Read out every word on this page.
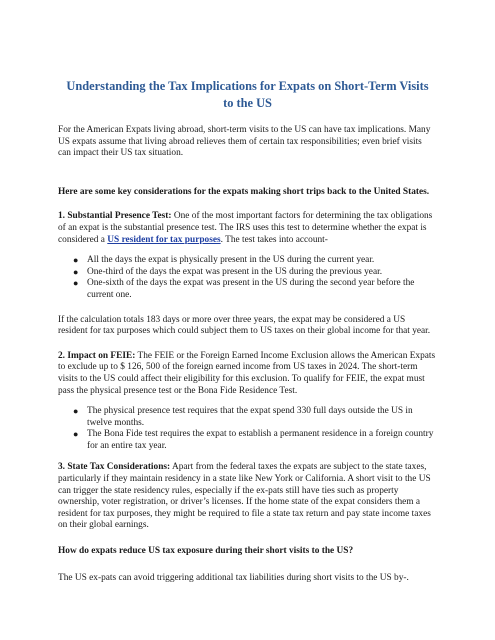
Understanding the Tax Implications for Expats on Short-Term Visits to the US

For the American Expats living abroad, short-term visits to the US can have tax implications. Many US expats assume that living abroad relieves them of certain tax responsibilities; even brief visits can impact their US tax situation.

Here are some key considerations for the expats making short trips back to the United States.

1. Substantial Presence Test: One of the most important factors for determining the tax obligations of an expat is the substantial presence test. The IRS uses this test to determine whether the expat is considered a US resident for tax purposes. The test takes into account-

● All the days the expat is physically present in the US during the current year.
● One-third of the days the expat was present in the US during the previous year.
● One-sixth of the days the expat was present in the US during the second year before the current one.

If the calculation totals 183 days or more over three years, the expat may be considered a US resident for tax purposes which could subject them to US taxes on their global income for that year.

2. Impact on FEIE: The FEIE or the Foreign Earned Income Exclusion allows the American Expats to exclude up to $ 126, 500 of the foreign earned income from US taxes in 2024. The short-term visits to the US could affect their eligibility for this exclusion. To qualify for FEIE, the expat must pass the physical presence test or the Bona Fide Residence Test.

● The physical presence test requires that the expat spend 330 full days outside the US in twelve months.
● The Bona Fide test requires the expat to establish a permanent residence in a foreign country for an entire tax year.

3. State Tax Considerations: Apart from the federal taxes the expats are subject to the state taxes, particularly if they maintain residency in a state like New York or California. A short visit to the US can trigger the state residency rules, especially if the ex-pats still have ties such as property ownership, voter registration, or driver’s licenses. If the home state of the expat considers them a resident for tax purposes, they might be required to file a state tax return and pay state income taxes on their global earnings.

How do expats reduce US tax exposure during their short visits to the US?

The US ex-pats can avoid triggering additional tax liabilities during short visits to the US by-.
